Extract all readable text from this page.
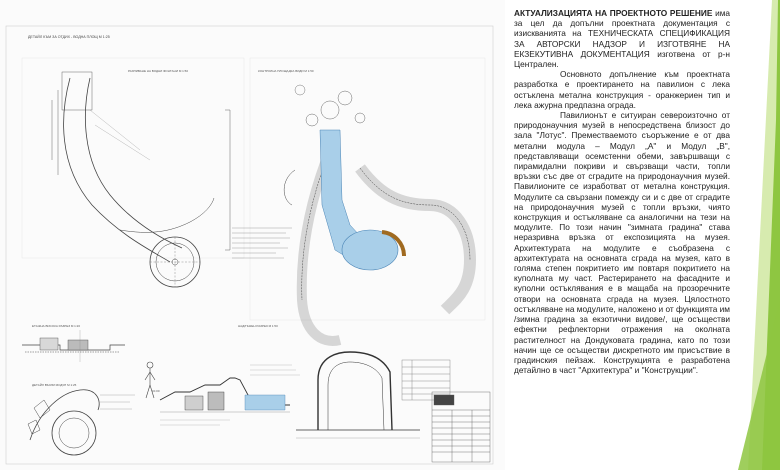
ДЕТАЙЛ КЪМ ЗА ОТДИХ - ВОДНА ПЛОЩ М 1:25
РАЗПИВАНЕ НА ВОДНИ ФОНТАНИ М 1:50	КОНТРОЛНА ПЛОЩАДКА ВИДИ М 1:50
ЕТАЖНА ВИСОКА РАЗРЕЗ М 1:20
ДЕТАЙЛ ВЪЗЛИ МОДУЛ М 1:25
НАДЛЪЖЕН РАЗРЕЗ М 1:50
±0.00

АКТУАЛИЗАЦИЯТА НА ПРОЕКТНОТО РЕШЕНИЕ има за цел да допълни проектната документация с изискванията на ТЕХНИЧЕСКАТА СПЕЦИФИКАЦИЯ ЗА АВТОРСКИ НАДЗОР И ИЗГОТВЯНЕ НА ЕКЗЕКУТИВНА ДОКУМЕНТАЦИЯ изготвена от р-н Централен.

Основното допълнение към проектната разработка е проектирането на павилион с лека остъклена метална конструкция - оранжериен тип и лека ажурна предпазна ограда.

Павилионът е ситуиран североизточно от природонаучния музей в непосредствена близост до зала "Лотус". Преместваемото съоръжение е от два метални модула – Модул „А" и Модул „В", представляващи осемстенни обеми, завършващи с пирамидални покриви и свързващи части, топли връзки със две от сградите на природонаучния музей. Павилионите се изработват от метална конструкция. Модулите са свързани помежду си и с две от сградите на природонаучния музей с топли връзки, чиято конструкция и остъкляване са аналогични на тези на модулите. По този начин "зимната градина" става неразривна връзка от експозицията на музея. Архитектурата на модулите е съобразена с архитектурата на основната сграда на музея, като в голяма степен покритието им повтаря покритието на куполната му част. Растерирането на фасадните и куполни остъклявания е в мащаба на прозоречните отвори на основната сграда на музея. Цялостното остъкляване на модулите, наложено и от функцията им /зимна градина за екзотични видове/, ще осъществи ефектни рефлекторни отражения на околната растителност на Дондуковата градина, като по този начин ще се осъществи дискретното им присъствие в градинския пейзаж. Конструкцията е разработена детайлно в част "Архитектура" и "Конструкции".
